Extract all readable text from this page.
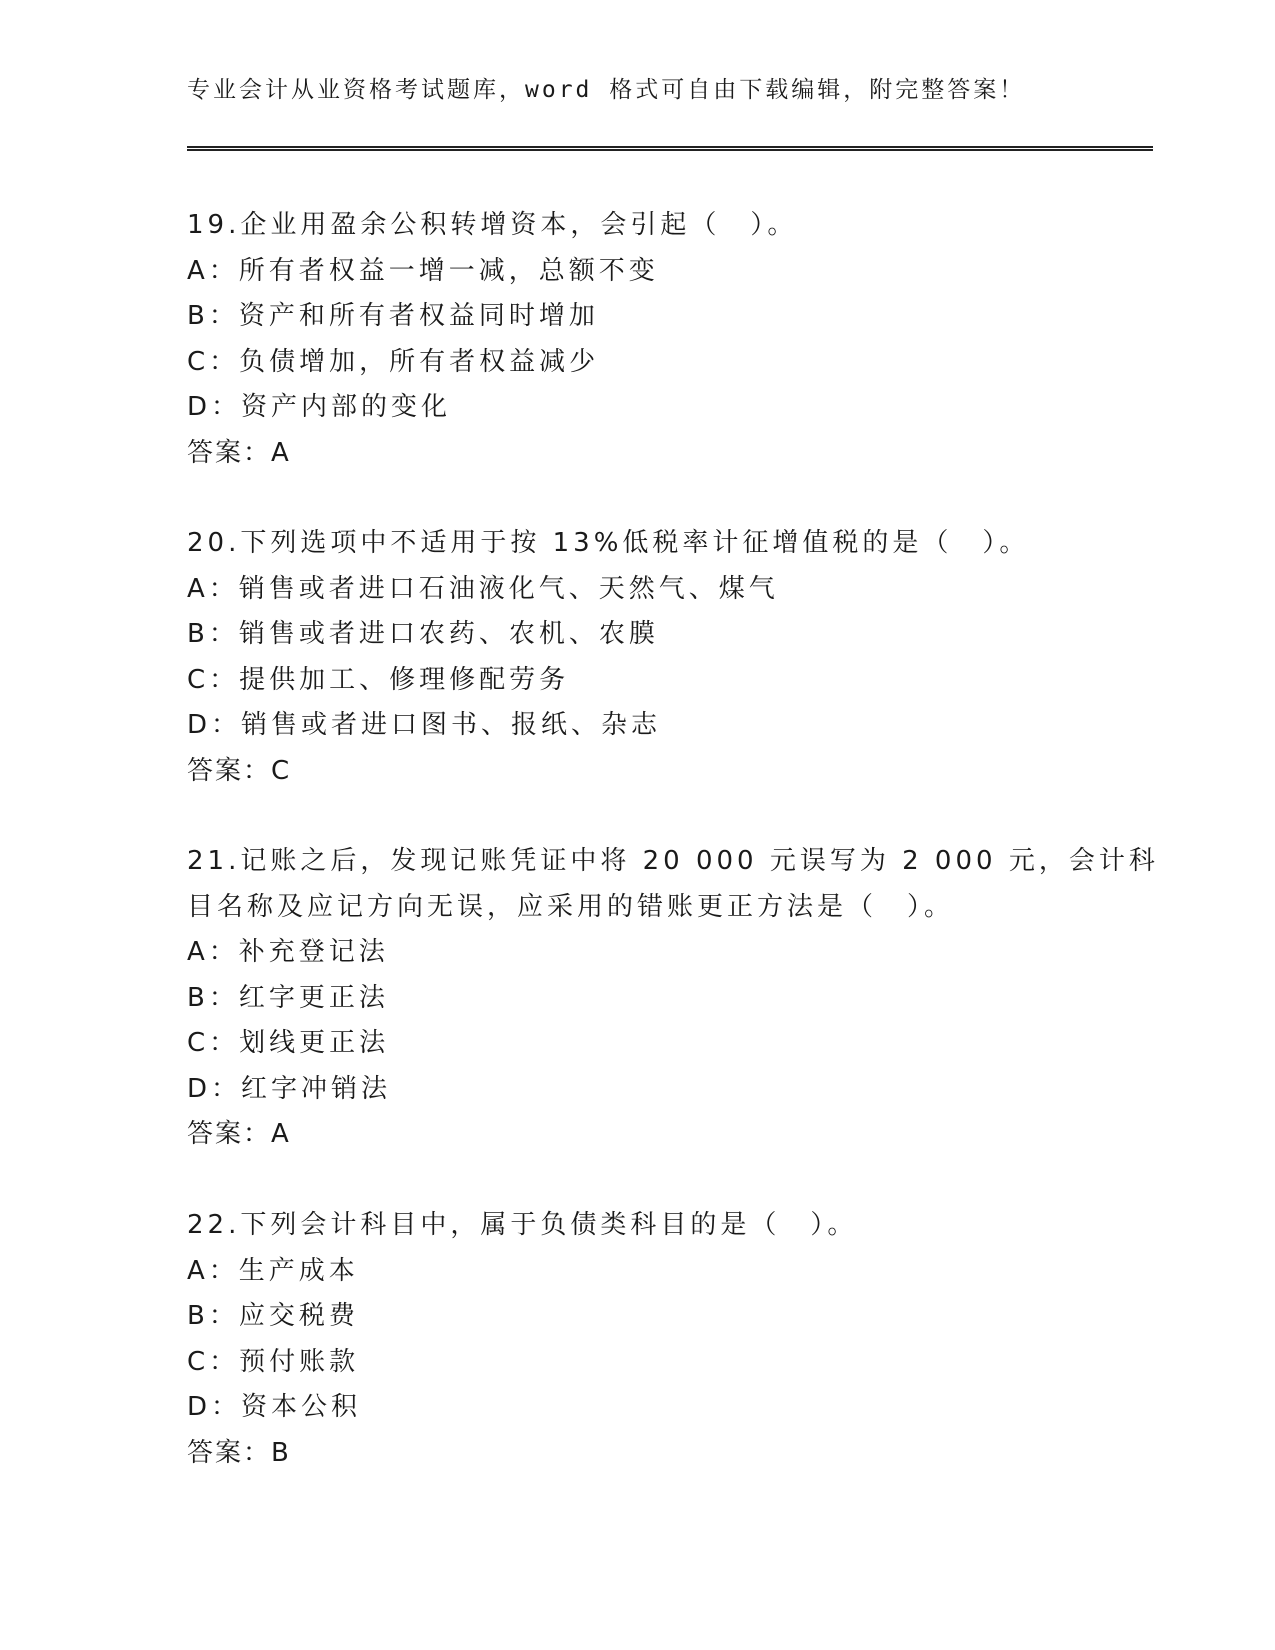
专业会计从业资格考试题库，word 格式可自由下载编辑，附完整答案！
19.企业用盈余公积转增资本，会引起（　）。
A：所有者权益一增一减，总额不变
B：资产和所有者权益同时增加
C：负债增加，所有者权益减少
D：资产内部的变化
答案：A
20.下列选项中不适用于按 13%低税率计征增值税的是（　）。
A：销售或者进口石油液化气、天然气、煤气
B：销售或者进口农药、农机、农膜
C：提供加工、修理修配劳务
D：销售或者进口图书、报纸、杂志
答案：C
21.记账之后，发现记账凭证中将 20 000 元误写为 2 000 元，会计科
目名称及应记方向无误，应采用的错账更正方法是（　）。
A：补充登记法
B：红字更正法
C：划线更正法
D：红字冲销法
答案：A
22.下列会计科目中，属于负债类科目的是（　）。
A：生产成本
B：应交税费
C：预付账款
D：资本公积
答案：B
